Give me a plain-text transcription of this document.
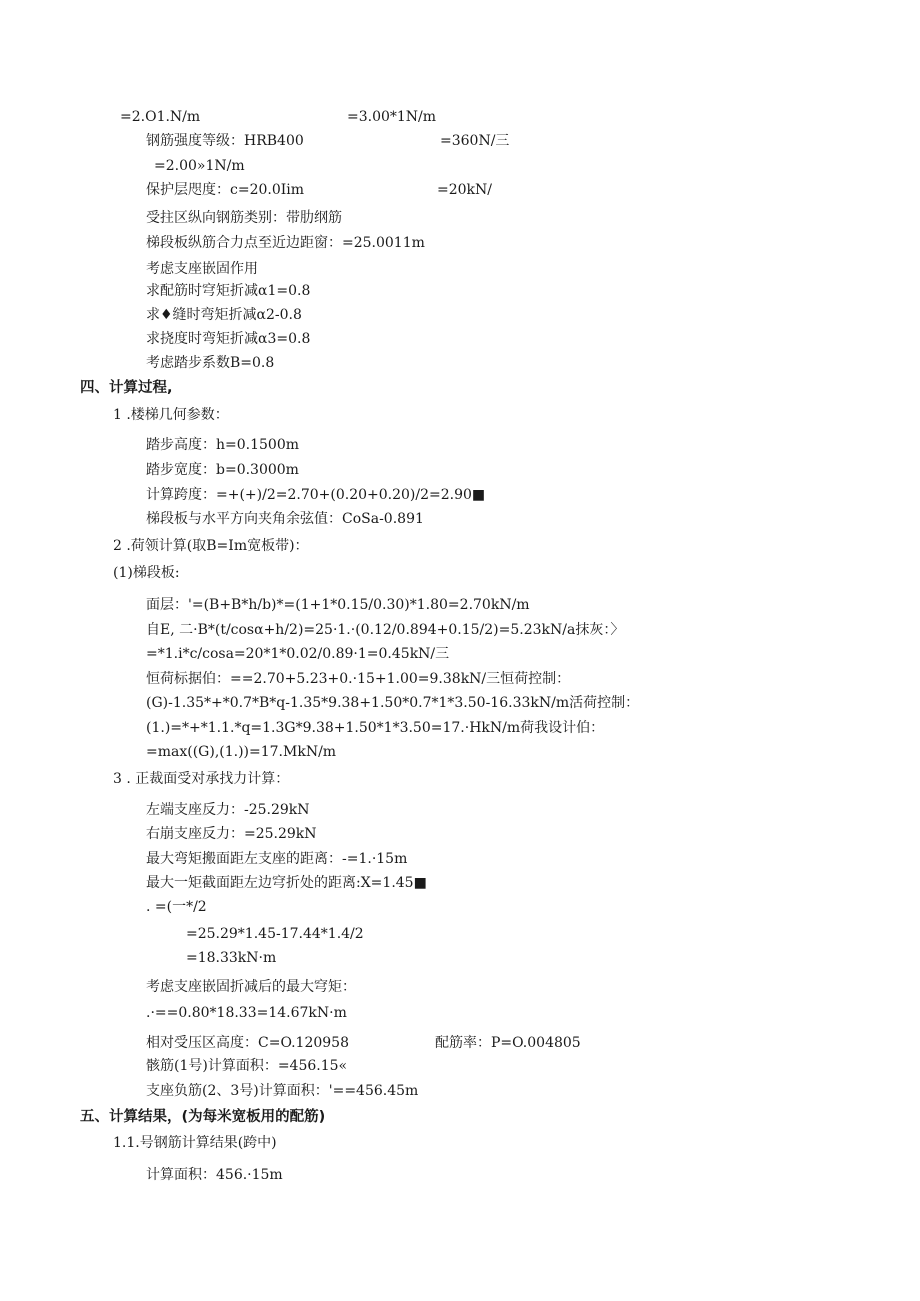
=2.O1.N/m	=3.00*1N/m
钢筋强度等级：HRB400	=360N/三
=2.00»1N/m
保护层咫度：c=20.0Iim	=20kN/
受拄区纵向钢筋类别：带肋纲筋
梯段板纵筋合力点至近边距窗：=25.0011m
考虑支座嵌固作用
求配筋时穹矩折减α1=0.8
求♦缝时弯矩折减α2-0.8
求挠度时弯矩折减α3=0.8
考虑踏步系数B=0.8
四、计算过程,
1 .楼梯几何参数：
踏步高度：h=0.1500m
踏步宽度：b=0.3000m
计算跨度：=+(+)/2=2.70+(0.20+0.20)/2=2.90■
梯段板与水平方向夹角余弦值：CoSa-0.891
2 .荷领计算(取B=Im宽板带)：
(1)梯段板:
面层：'=(B+B*h/b)*=(1+1*0.15/0.30)*1.80=2.70kN/m
自E, 二·B*(t/cosα+h/2)=25·1.·(0.12/0.894+0.15/2)=5.23kN/a抹灰：〉
=*1.i*c/cosa=20*1*0.02/0.89·1=0.45kN/三
恒荷标据伯：==2.70+5.23+0.·15+1.00=9.38kN/三恒荷控制：
(G)-1.35*+*0.7*B*q-1.35*9.38+1.50*0.7*1*3.50-16.33kN/m活荷控制：
(1.)=*+*1.1.*q=1.3G*9.38+1.50*1*3.50=17.·HkN/m荷我设计伯：
=max((G),(1.))=17.MkN/m
3 . 正裁面受对承找力计算：
左端支座反力：-25.29kN
右崩支座反力：=25.29kN
最大弯矩搬面距左支座的距离：-=1.·15m
最大一矩截面距左边穹折处的距离:X=1.45■
. =(一*/2
=25.29*1.45-17.44*1.4/2
=18.33kN·m
考虑支座嵌固折减后的最大穹矩：
.·==0.80*18.33=14.67kN·m
相对受压区高度：C=O.120958	配筋率：P=O.004805
骸筋(1号)计算面积：=456.15«
支座负筋(2、3号)计算面积：'==456.45m
五、计算结果，(为每米宽板用的配筋)
1.1.号钢筋计算结果(跨中)
计算面积：456.·15m
